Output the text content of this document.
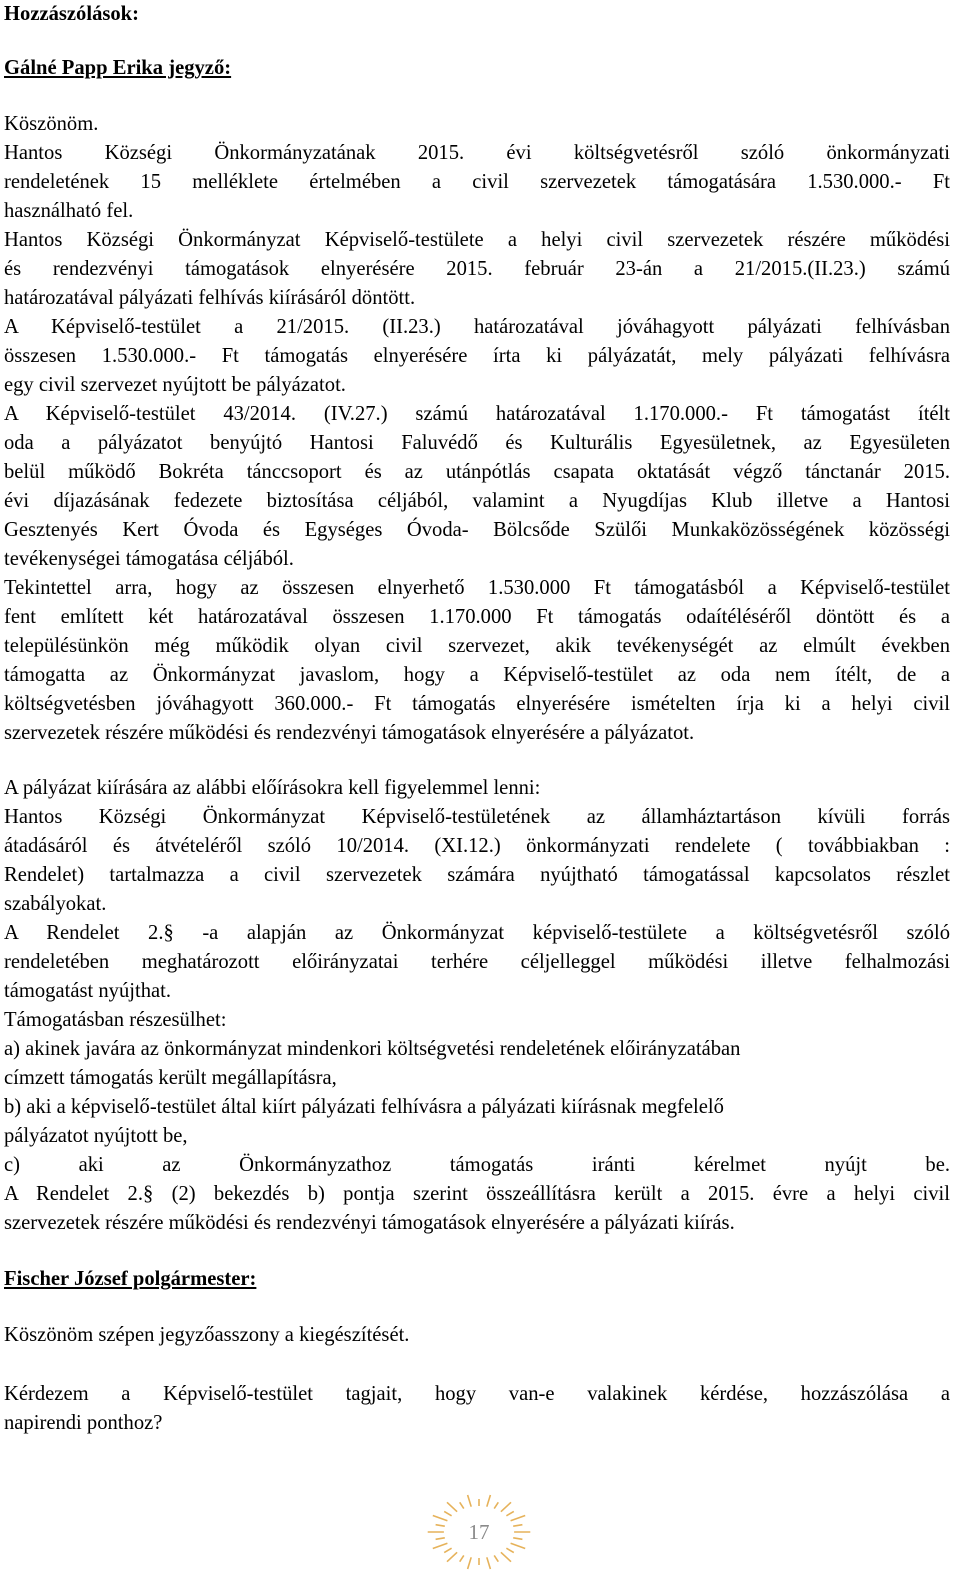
Hozzászólások:
Gálné Papp Erika jegyző:
Köszönöm.
Hantos Községi Önkormányzatának 2015. évi költségvetésről szóló önkormányzati
rendeletének 15 melléklete értelmében a civil szervezetek támogatására 1.530.000.- Ft
használható fel.
Hantos Községi Önkormányzat Képviselő-testülete a helyi civil szervezetek részére működési
és rendezvényi támogatások elnyerésére 2015. február 23-án a 21/2015.(II.23.) számú
határozatával pályázati felhívás kiírásáról döntött.
A Képviselő-testület a 21/2015. (II.23.) határozatával jóváhagyott pályázati felhívásban
összesen 1.530.000.- Ft támogatás elnyerésére írta ki pályázatát, mely pályázati felhívásra
egy civil szervezet nyújtott be pályázatot.
A Képviselő-testület 43/2014. (IV.27.) számú határozatával 1.170.000.- Ft támogatást ítélt
oda a pályázatot benyújtó Hantosi Faluvédő és Kulturális Egyesületnek, az Egyesületen
belül működő Bokréta tánccsoport és az utánpótlás csapata oktatását végző tánctanár 2015.
évi díjazásának fedezete biztosítása céljából, valamint a Nyugdíjas Klub illetve a Hantosi
Gesztenyés Kert Óvoda és Egységes Óvoda- Bölcsőde Szülői Munkaközösségének közösségi
tevékenységei támogatása céljából.
Tekintettel arra, hogy az összesen elnyerhető 1.530.000 Ft támogatásból a Képviselő-testület
fent említett két határozatával összesen 1.170.000 Ft támogatás odaítéléséről döntött és a
településünkön még működik olyan civil szervezet, akik tevékenységét az elmúlt években
támogatta az Önkormányzat javaslom, hogy a Képviselő-testület az oda nem ítélt, de a
költségvetésben jóváhagyott 360.000.- Ft támogatás elnyerésére ismételten írja ki a helyi civil
szervezetek részére működési és rendezvényi támogatások elnyerésére a pályázatot.
A pályázat kiírására az alábbi előírásokra kell figyelemmel lenni:
Hantos Községi Önkormányzat Képviselő-testületének az államháztartáson kívüli forrás
átadásáról és átvételéről szóló 10/2014. (XI.12.) önkormányzati rendelete ( továbbiakban :
Rendelet) tartalmazza a civil szervezetek számára nyújtható támogatással kapcsolatos részlet
szabályokat.
A Rendelet 2.§ -a alapján az Önkormányzat képviselő-testülete a költségvetésről szóló
rendeletében meghatározott előirányzatai terhére céljelleggel működési illetve felhalmozási
támogatást nyújthat.
Támogatásban részesülhet:
a) akinek javára az önkormányzat mindenkori költségvetési rendeletének előirányzatában
címzett támogatás került megállapításra,
b) aki a képviselő-testület által kiírt pályázati felhívásra a pályázati kiírásnak megfelelő
pályázatot nyújtott be,
c) aki az Önkormányzathoz támogatás iránti kérelmet nyújt be.
A Rendelet 2.§ (2) bekezdés b) pontja szerint összeállításra került a 2015. évre a helyi civil
szervezetek részére működési és rendezvényi támogatások elnyerésére a pályázati kiírás.
Fischer József polgármester:
Köszönöm szépen jegyzőasszony a kiegészítését.
Kérdezem a Képviselő-testület tagjait, hogy van-e valakinek kérdése, hozzászólása a
napirendi ponthoz?
17
